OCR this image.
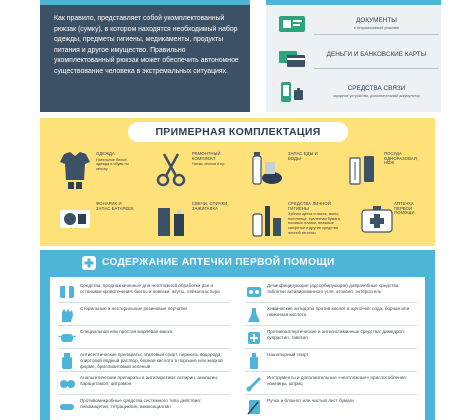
Как правило, представляет собой укомплектованный рюкзак (сумку), в котором находятся необходимый набор одежды, предметы гигиены, медикаменты, продукты питания и другое имущество. Правильно укомплектованный рюкзак может обеспечить автономное существование человека в экстремальных ситуациях.

ДОКУМЕНТЫ
в непромокаемой упаковке
ДЕНЬГИ И БАНКОВСКИЕ КАРТЫ
СРЕДСТВА СВЯЗИ
зарядное устройство, дополнительный аккумулятор
ПРИМЕРНАЯ КОМПЛЕКТАЦИЯ
ОДЕЖДА
Нательное белье, одежда и обувь по сезону
РЕМОНТНЫЙ КОМПЛЕКТ
Нитки, иголки и пр.
ЗАПАС ЕДЫ И ВОДЫ
ПОСУДА ОДНОРАЗОВАЯ, НОЖ
ФОНАРИК И ЗАПАС БАТАРЕЕК
СВЕЧИ, СПИЧКИ, ЗАЖИГАЛКА
СРЕДСТВА ЛИЧНОЙ ГИГИЕНЫ
Зубная щетка и паста, мыло, полотенце, туалетная бумага, носовые платки, влажные салфетки и другие средства личной гигиены
АПТЕЧКА ПЕРВОЙ ПОМОЩИ
СОДЕРЖАНИЕ АПТЕЧКИ ПЕРВОЙ ПОМОЩИ
Средства, предназначенные для неотложной обработки ран и остановки кровотечения: бинты и повязки, жгуты, лейкопластыри
Стерильные и нестерильные резиновые перчатки
Специальная или простая марлевая маска
Антисептические препараты: этиловый спирт, перекись водорода, спиртовой йодный раствор, борная кислота в порошке или жидкой форме, бриллиантовый зеленый
Анальгетические препараты и антипиретики: аспирин, анальгин, парацетамол, цитрамон
Противомикробные средства системного типа действия: левомицетин, тетрациклин, амоксициллин
Дезинфицирующие (адсорбирующие) доврачебные средства: таблетки активированного угля, атоксил, энтеросгель
Химические антидоты против кислот и щелочей: сода, борная или лимонная кислота
Противоаллергические и антигистаминные средства: димедрол, супрастин, тавегил
Нашатырный спирт
Инструменты и дополнительные «неотложные» приспособления: ножницы, шприц
Ручка и блокнот или чистый лист бумаги
